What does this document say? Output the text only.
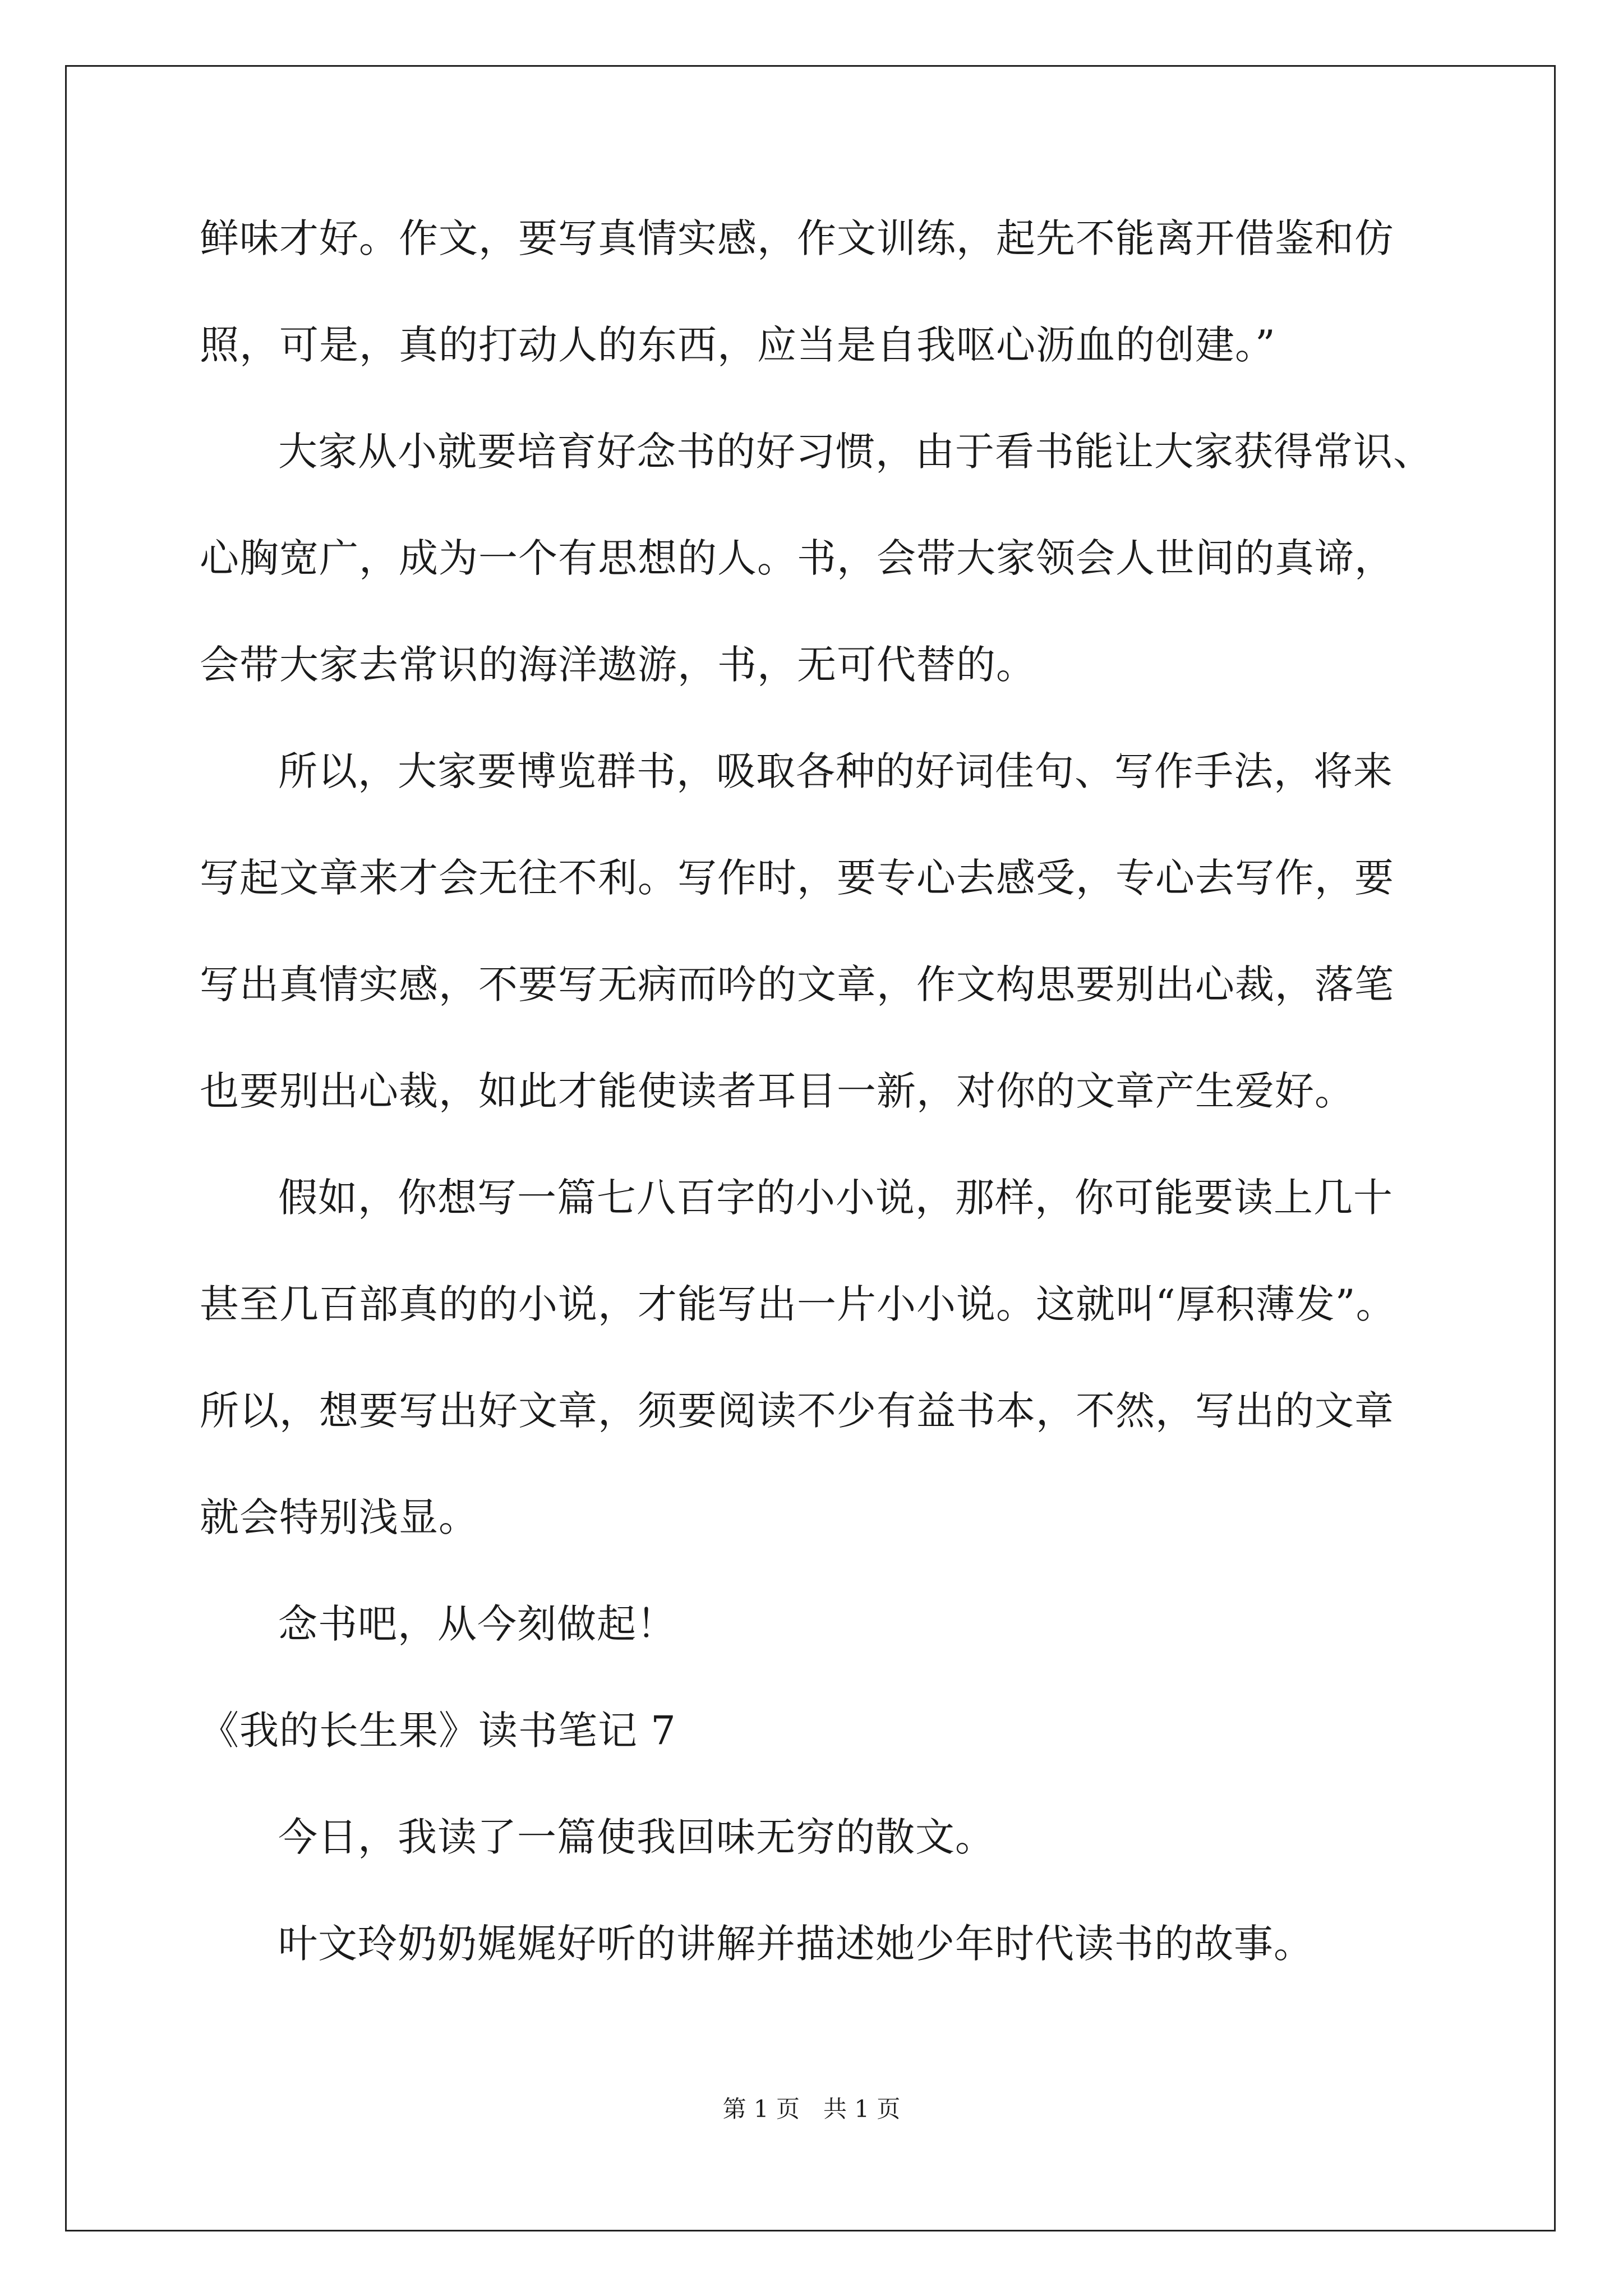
鲜味才好。作文，要写真情实感，作文训练，起先不能离开借鉴和仿
照，可是，真的打动人的东西，应当是自我呕心沥血的创建。”
大家从小就要培育好念书的好习惯，由于看书能让大家获得常识、
心胸宽广，成为一个有思想的人。书，会带大家领会人世间的真谛，
会带大家去常识的海洋遨游，书，无可代替的。
所以，大家要博览群书，吸取各种的好词佳句、写作手法，将来
写起文章来才会无往不利。写作时，要专心去感受，专心去写作，要
写出真情实感，不要写无病而吟的文章，作文构思要别出心裁，落笔
也要别出心裁，如此才能使读者耳目一新，对你的文章产生爱好。
假如，你想写一篇七八百字的小小说，那样，你可能要读上几十
甚至几百部真的的小说，才能写出一片小小说。这就叫“厚积薄发”。
所以，想要写出好文章，须要阅读不少有益书本，不然，写出的文章
就会特别浅显。
念书吧，从今刻做起！
《我的长生果》读书笔记 7
今日，我读了一篇使我回味无穷的散文。
叶文玲奶奶娓娓好听的讲解并描述她少年时代读书的故事。
第 1 页　共 1 页
